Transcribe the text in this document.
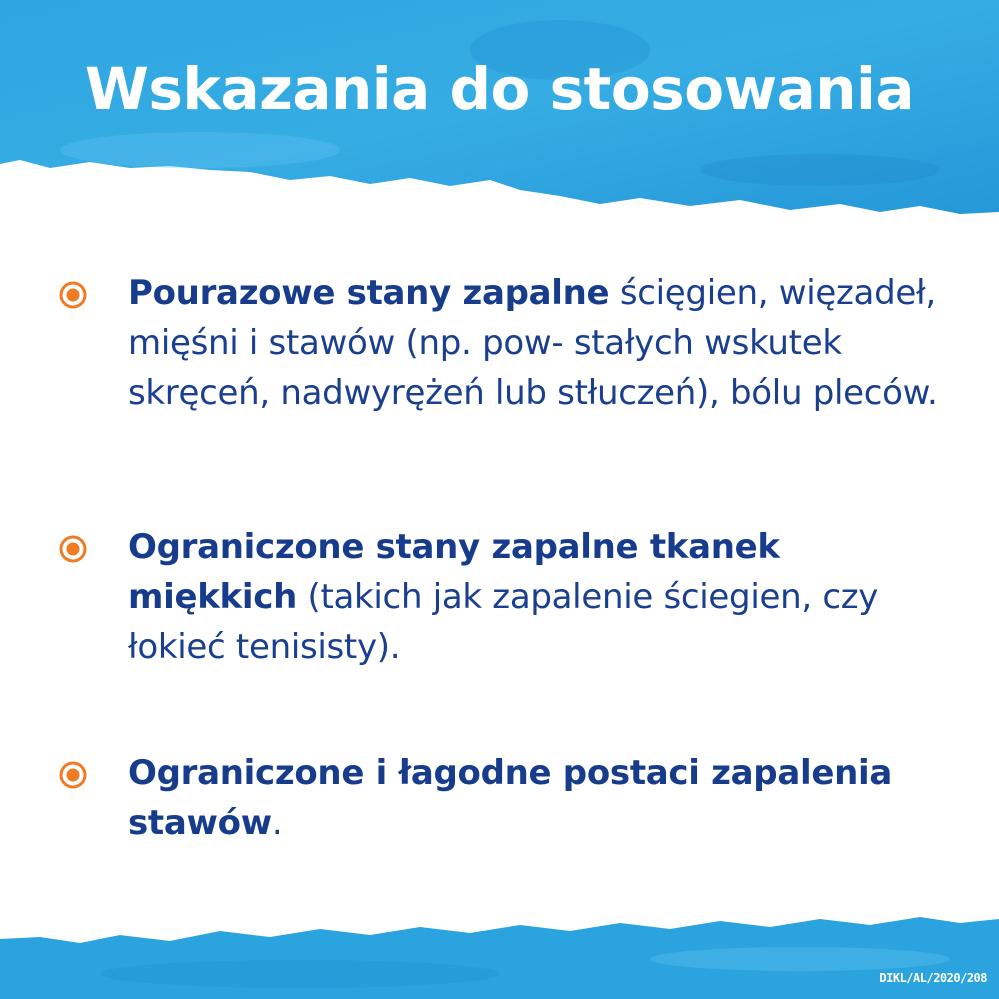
Wskazania do stosowania
Pourazowe stany zapalne ścięgien, więzadeł, mięśni i stawów (np. pow- stałych wskutek skręceń, nadwyrężeń lub stłuczeń), bólu pleców.
Ograniczone stany zapalne tkanek miękkich (takich jak zapalenie ściegien, czy łokieć tenisisty).
Ograniczone i łagodne postaci zapalenia stawów.
DIKL/AL/2020/208
